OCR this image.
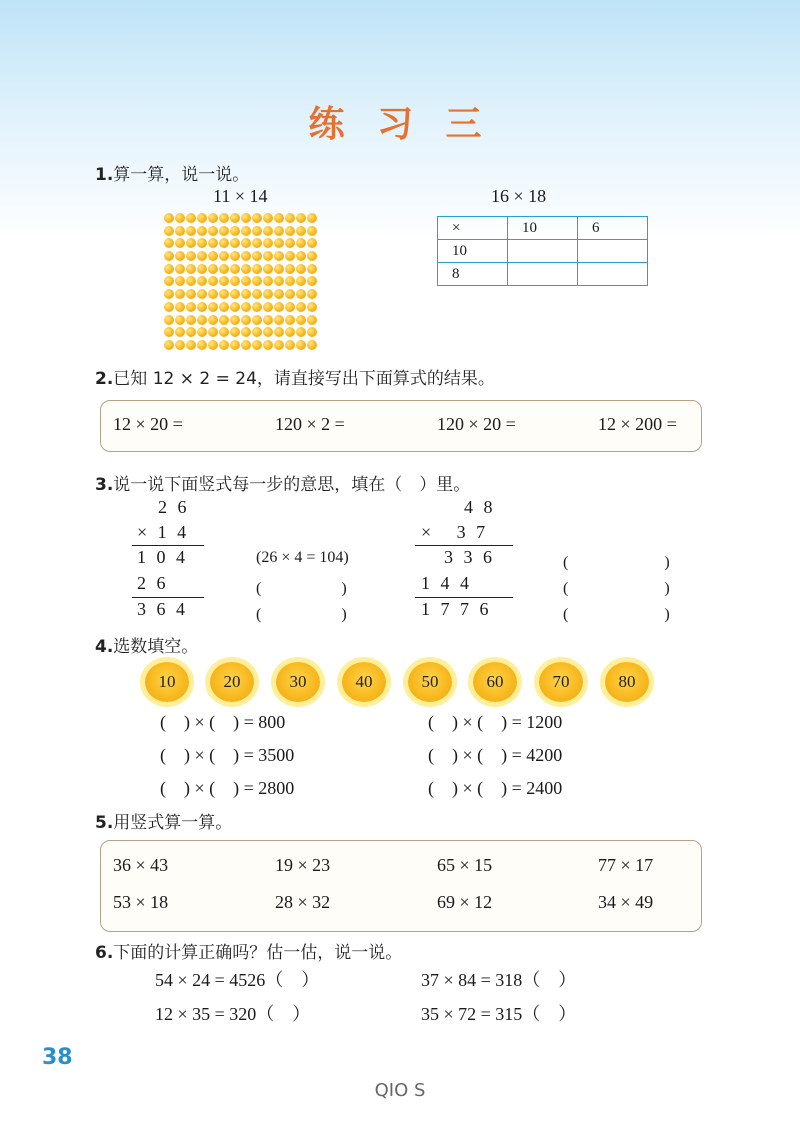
练 习 三
1.算一算，说一说。
11 × 14	16 × 18
×	10	6
10		
8		
2.已知 12 × 2 = 24，请直接写出下面算式的结果。
12 × 20 =	120 × 2 =	120 × 20 =	12 × 200 =
3.说一说下面竖式每一步的意思，填在（　）里。
2 6
× 1 4
1 0 4
2 6
3 6 4
(26 × 4 = 104)
(　　　　　)
(　　　　　)
4 8
×   3 7
3 3 6
1 4 4
1 7 7 6
(　　　　　　)
(　　　　　　)
(　　　　　　)
4.选数填空。
10	20	30	40	50	60	70	80
(　) × (　) = 800	(　) × (　) = 1200
(　) × (　) = 3500	(　) × (　) = 4200
(　) × (　) = 2800	(　) × (　) = 2400
5.用竖式算一算。
36 × 43	19 × 23	65 × 15	77 × 17
53 × 18	28 × 32	69 × 12	34 × 49
6.下面的计算正确吗？估一估，说一说。
54 × 24 = 4526（　）	37 × 84 = 318（　）
12 × 35 = 320（　）	35 × 72 = 315（　）
38
QIO S
